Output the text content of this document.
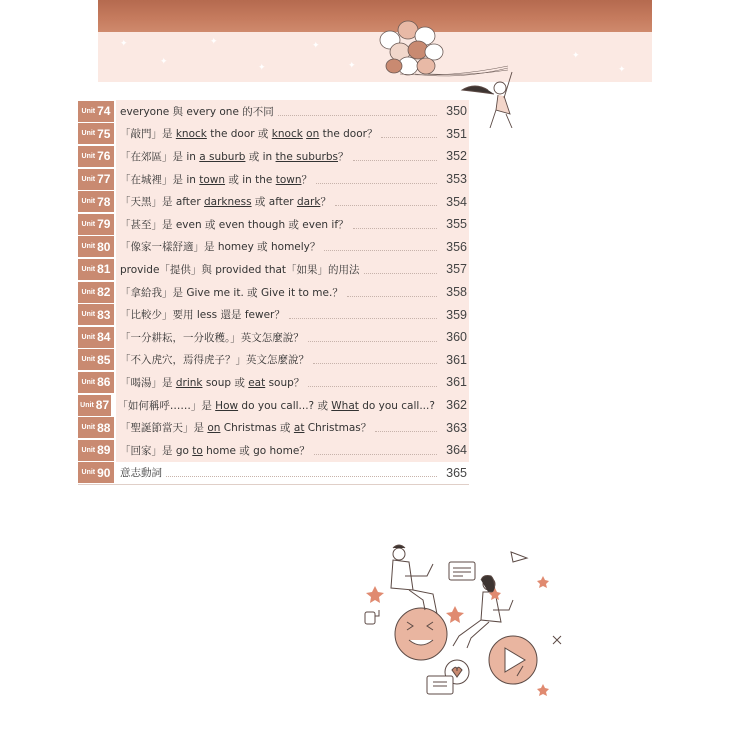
✦
✦
✦
✦
✦
✦
✦
✦
Unit 74 everyone 與 every one 的不同	350
Unit 75 「敲門」是 knock the door 或 knock on the door？	351
Unit 76 「在郊區」是 in a suburb 或 in the suburbs？	352
Unit 77 「在城裡」是 in town 或 in the town？	353
Unit 78 「天黑」是 after darkness 或 after dark？	354
Unit 79 「甚至」是 even 或 even though 或 even if？	355
Unit 80 「像家一樣舒適」是 homey 或 homely？	356
Unit 81 provide「提供」與 provided that「如果」的用法	357
Unit 82 「拿給我」是 Give me it. 或 Give it to me.？	358
Unit 83 「比較少」要用 less 還是 fewer？	359
Unit 84 「一分耕耘，一分收穫。」英文怎麼說？	360
Unit 85 「不入虎穴，焉得虎子？」英文怎麼說？	361
Unit 86 「喝湯」是 drink soup 或 eat soup？	361
Unit 87 「如何稱呼……」是 How do you call...? 或 What do you call...? 362
Unit 88 「聖誕節當天」是 on Christmas 或 at Christmas？	363
Unit 89 「回家」是 go to home 或 go home？	364
Unit 90 意志動詞	365
